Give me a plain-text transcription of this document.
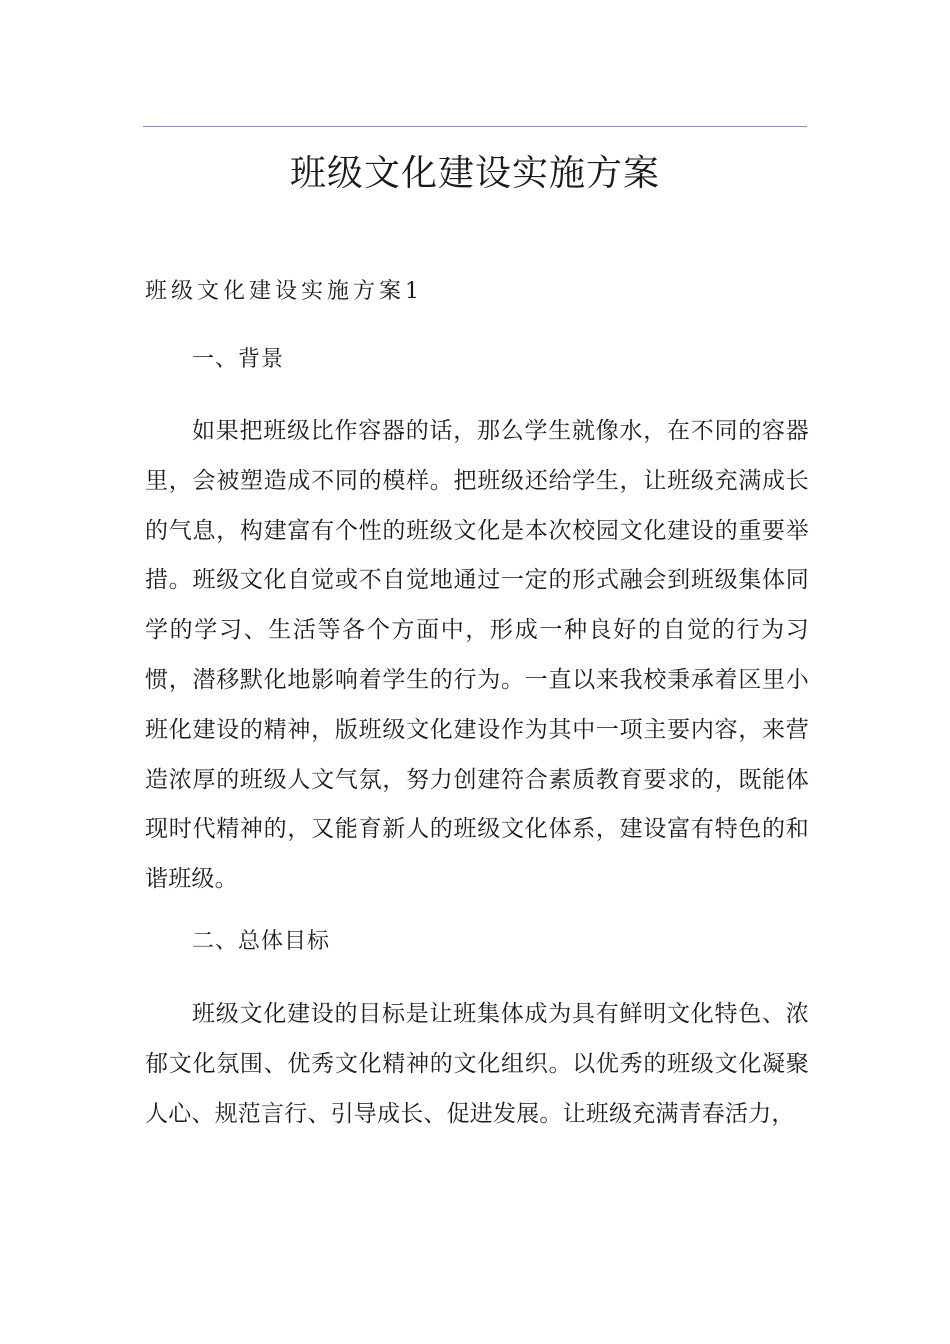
班级文化建设实施方案
班级文化建设实施方案1
一、背景

如果把班级比作容器的话，那么学生就像水，在不同的容器里，会被塑造成不同的模样。把班级还给学生，让班级充满成长的气息，构建富有个性的班级文化是本次校园文化建设的重要举措。班级文化自觉或不自觉地通过一定的形式融会到班级集体同学的学习、生活等各个方面中，形成一种良好的自觉的行为习惯，潜移默化地影响着学生的行为。一直以来我校秉承着区里小班化建设的精神，版班级文化建设作为其中一项主要内容，来营造浓厚的班级人文气氛，努力创建符合素质教育要求的，既能体现时代精神的，又能育新人的班级文化体系，建设富有特色的和谐班级。

二、总体目标

班级文化建设的目标是让班集体成为具有鲜明文化特色、浓郁文化氛围、优秀文化精神的文化组织。以优秀的班级文化凝聚人心、规范言行、引导成长、促进发展。让班级充满青春活力，
